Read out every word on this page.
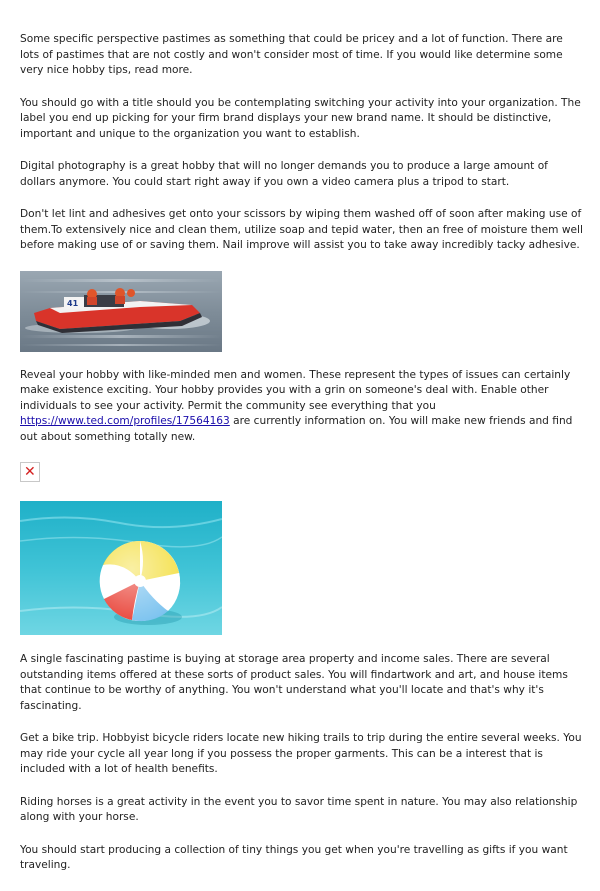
Some specific perspective pastimes as something that could be pricey and a lot of function. There are lots of pastimes that are not costly and won't consider most of time. If you would like determine some very nice hobby tips, read more.

You should go with a title should you be contemplating switching your activity into your organization. The label you end up picking for your firm brand displays your new brand name. It should be distinctive, important and unique to the organization you want to establish.

Digital photography is a great hobby that will no longer demands you to produce a large amount of dollars anymore. You could start right away if you own a video camera plus a tripod to start.

Don't let lint and adhesives get onto your scissors by wiping them washed off of soon after making use of them.To extensively nice and clean them, utilize soap and tepid water, then an free of moisture them well before making use of or saving them. Nail improve will assist you to take away incredibly tacky adhesive.

41

Reveal your hobby with like-minded men and women. These represent the types of issues can certainly make existence exciting. Your hobby provides you with a grin on someone's deal with. Enable other individuals to see your activity. Permit the community see everything that you https://www.ted.com/profiles/17564163 are currently information on. You will make new friends and find out about something totally new.

✕

A single fascinating pastime is buying at storage area property and income sales. There are several outstanding items offered at these sorts of product sales. You will findartwork and art, and house items that continue to be worthy of anything. You won't understand what you'll locate and that's why it's fascinating.

Get a bike trip. Hobbyist bicycle riders locate new hiking trails to trip during the entire several weeks. You may ride your cycle all year long if you possess the proper garments. This can be a interest that is included with a lot of health benefits.

Riding horses is a great activity in the event you to savor time spent in nature. You may also relationship along with your horse.

You should start producing a collection of tiny things you get when you're travelling as gifts if you want traveling.
